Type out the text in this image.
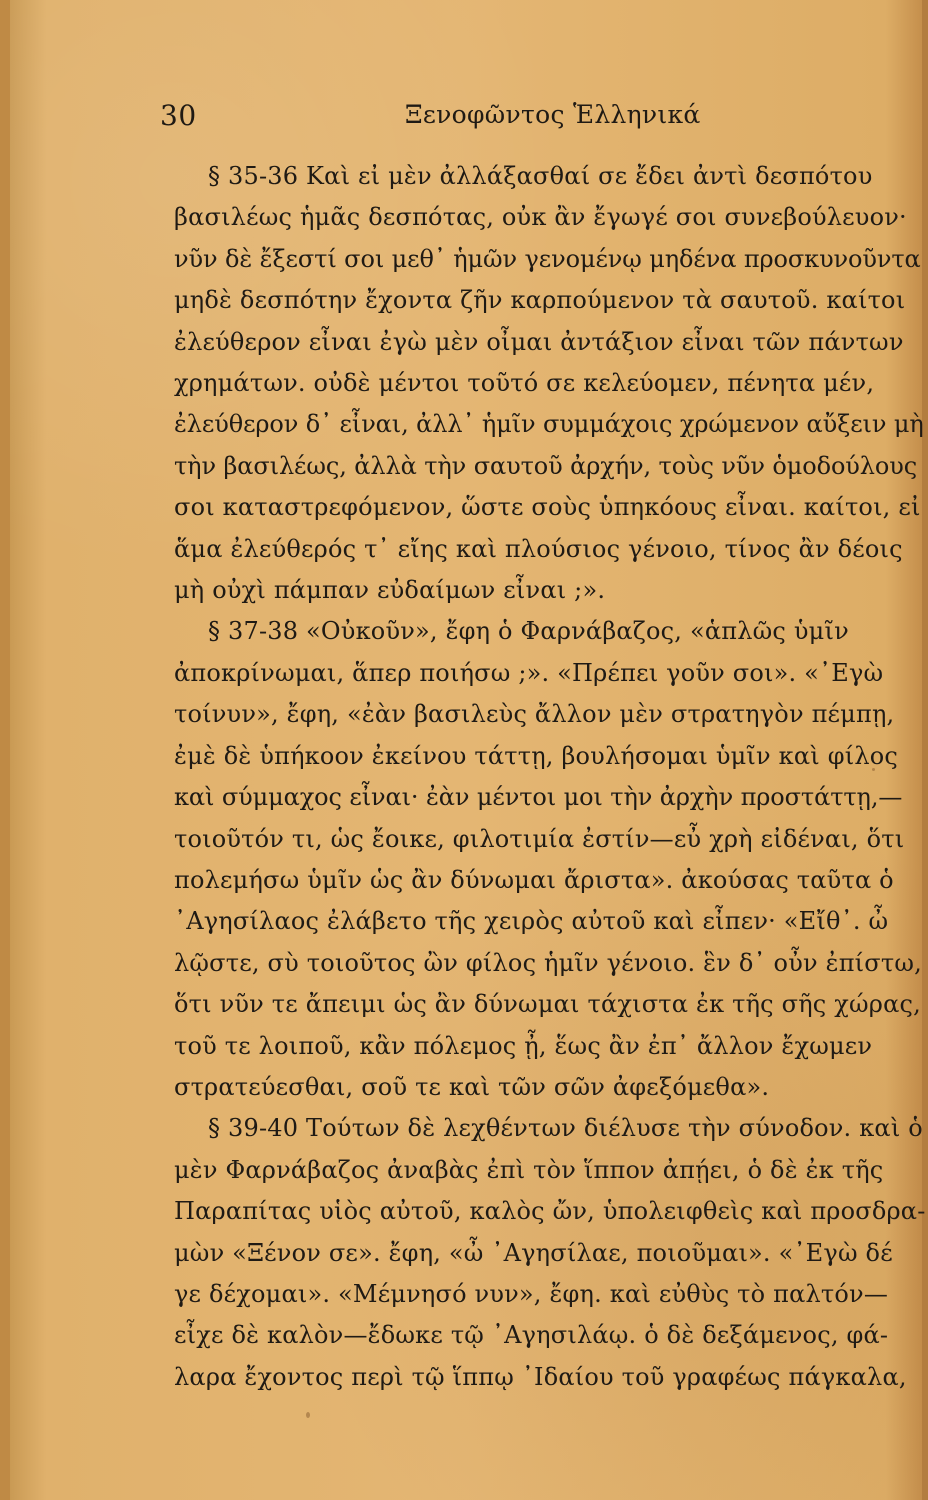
30	Ξενοφῶντος Ἑλληνικά
§ 35-36 Καὶ εἰ μὲν ἀλλάξασθαί σε ἔδει ἀντὶ δεσπότου
βασιλέως ἡμᾶς δεσπότας, οὐκ ἂν ἔγωγέ σοι συνεβούλευον·
νῦν δὲ ἔξεστί σοι μεθ᾽ ἡμῶν γενομένῳ μηδένα προσκυνοῦντα
μηδὲ δεσπότην ἔχοντα ζῆν καρπούμενον τὰ σαυτοῦ. καίτοι
ἐλεύθερον εἶναι ἐγὼ μὲν οἶμαι ἀντάξιον εἶναι τῶν πάντων
χρημάτων. οὐδὲ μέντοι τοῦτό σε κελεύομεν, πένητα μέν,
ἐλεύθερον δ᾽ εἶναι, ἀλλ᾽ ἡμῖν συμμάχοις χρώμενον αὔξειν μὴ
τὴν βασιλέως, ἀλλὰ τὴν σαυτοῦ ἀρχήν, τοὺς νῦν ὁμοδούλους
σοι καταστρεφόμενον, ὥστε σοὺς ὑπηκόους εἶναι. καίτοι, εἰ
ἅμα ἐλεύθερός τ᾽ εἴης καὶ πλούσιος γένοιο, τίνος ἂν δέοις
μὴ οὐχὶ πάμπαν εὐδαίμων εἶναι ;».
§ 37-38 «Οὐκοῦν», ἔφη ὁ Φαρνάβαζος, «ἁπλῶς ὑμῖν
ἀποκρίνωμαι, ἅπερ ποιήσω ;». «Πρέπει γοῦν σοι». «᾽Εγὼ
τοίνυν», ἔφη, «ἐὰν βασιλεὺς ἄλλον μὲν στρατηγὸν πέμπῃ,
ἐμὲ δὲ ὑπήκοον ἐκείνου τάττῃ, βουλήσομαι ὑμῖν καὶ φίλος
καὶ σύμμαχος εἶναι· ἐὰν μέντοι μοι τὴν ἀρχὴν προστάττῃ,—
τοιοῦτόν τι, ὡς ἔοικε, φιλοτιμία ἐστίν—εὖ χρὴ εἰδέναι, ὅτι
πολεμήσω ὑμῖν ὡς ἂν δύνωμαι ἄριστα». ἀκούσας ταῦτα ὁ
᾽Αγησίλαος ἐλάβετο τῆς χειρὸς αὐτοῦ καὶ εἶπεν· «Εἴθ᾽. ὦ
λῷστε, σὺ τοιοῦτος ὢν φίλος ἡμῖν γένοιο. ἓν δ᾽ οὖν ἐπίστω,
ὅτι νῦν τε ἄπειμι ὡς ἂν δύνωμαι τάχιστα ἐκ τῆς σῆς χώρας,
τοῦ τε λοιποῦ, κἂν πόλεμος ᾖ, ἕως ἂν ἐπ᾽ ἄλλον ἔχωμεν
στρατεύεσθαι, σοῦ τε καὶ τῶν σῶν ἀφεξόμεθα».
§ 39-40 Τούτων δὲ λεχθέντων διέλυσε τὴν σύνοδον. καὶ ὁ
μὲν Φαρνάβαζος ἀναβὰς ἐπὶ τὸν ἵππον ἀπῄει, ὁ δὲ ἐκ τῆς
Παραπίτας υἱὸς αὐτοῦ, καλὸς ὤν, ὑπολειφθεὶς καὶ προσδρα-
μὼν «Ξένον σε». ἔφη, «ὦ ᾽Αγησίλαε, ποιοῦμαι». «᾽Εγὼ δέ
γε δέχομαι». «Μέμνησό νυν», ἔφη. καὶ εὐθὺς τὸ παλτόν—
εἶχε δὲ καλὸν—ἔδωκε τῷ ᾽Αγησιλάῳ. ὁ δὲ δεξάμενος, φά-
λαρα ἔχοντος περὶ τῷ ἵππῳ ᾽Ιδαίου τοῦ γραφέως πάγκαλα,
